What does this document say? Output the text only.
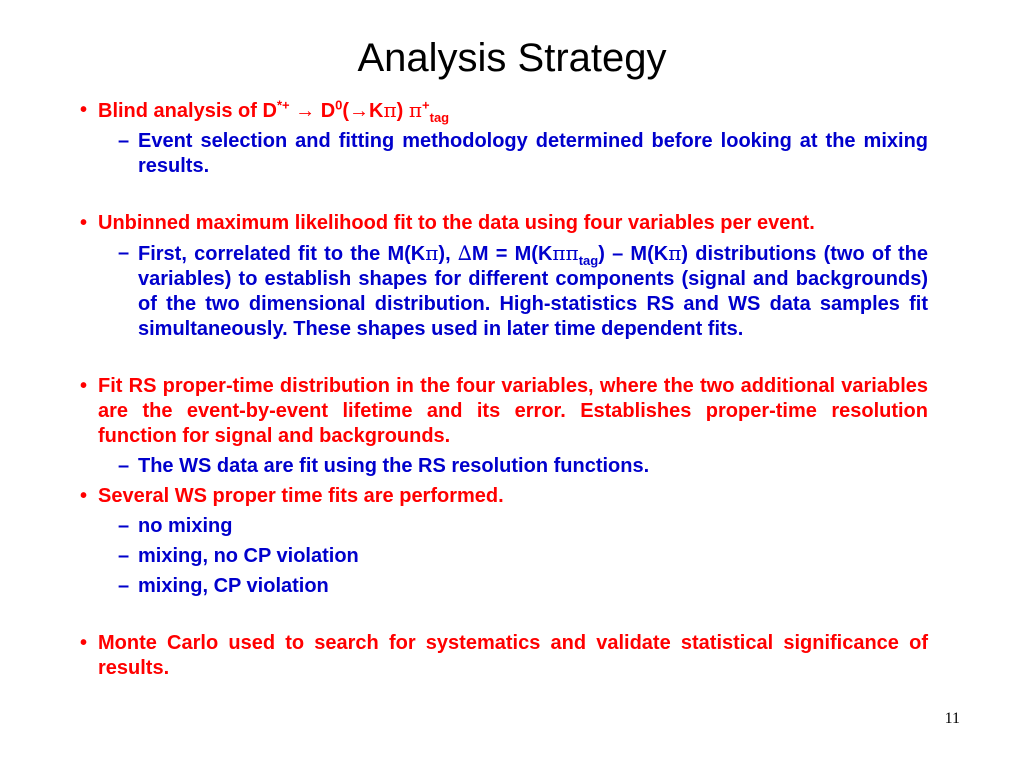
Analysis Strategy
• Blind analysis of $D^{*+} \to D^0(\to K\pi)$ $\pi^+_{tag}$
– Event selection and fitting methodology determined before looking at the mixing results.
• Unbinned maximum likelihood fit to the data using four variables per event.
– First, correlated fit to the M(Kπ), ∆M = M(Kππ$_{tag}$) – M(Kπ) distributions (two of the variables) to establish shapes for different components (signal and backgrounds) of the two dimensional distribution. High-statistics RS and WS data samples fit simultaneously. These shapes used in later time dependent fits.
• Fit RS proper-time distribution in the four variables, where the two additional variables are the event-by-event lifetime and its error. Establishes proper-time resolution function for signal and backgrounds.
– The WS data are fit using the RS resolution functions.
• Several WS proper time fits are performed.
– no mixing
– mixing, no CP violation
– mixing, CP violation
• Monte Carlo used to search for systematics and validate statistical significance of results.
11
